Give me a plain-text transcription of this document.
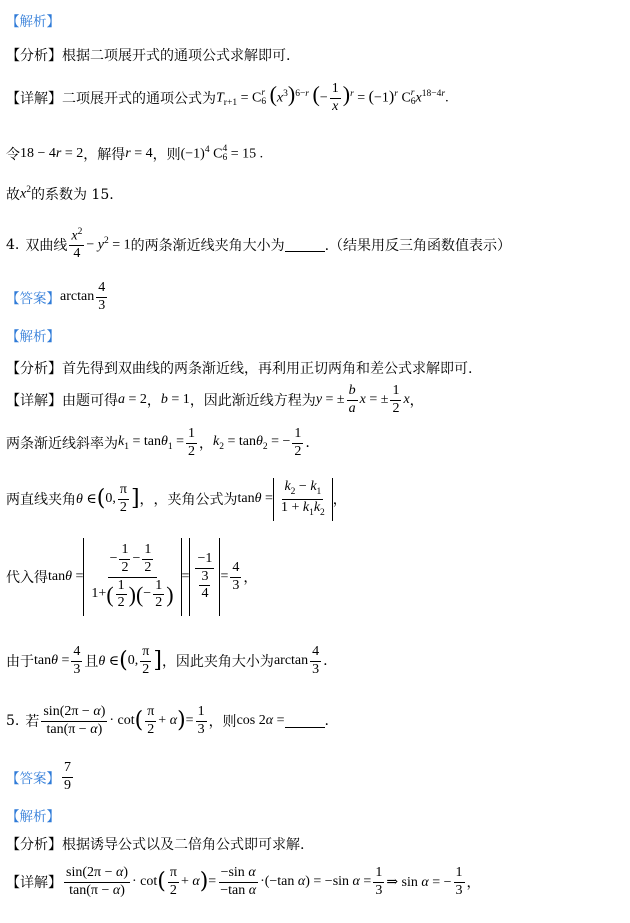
【解析】
【分析】 根据二项展开式的通项公式求解即可.
【详解】 二项展开式的通项公式为 $T_{r+1} = C$ r
6 $(x^3)^{6-r}$ (− $\frac{1}{x} )^r = (-1)^r$ C r
6 $x^{18-4r}$.
令 18 − 4r = 2 ，解得 r = 4 ，则 $(-1)^4$ C 4
6 = 15 .
故 $x^2$ 的系数为 15.
4. 双曲线 $\frac{x^2}{4} - y^2 = 1$ 的两条渐近线夹角大小为	.（结果用反三角函数值表示）
【答案】 $\arctan \frac{4}{3}$
【解析】
【分析】 首先得到双曲线的两条渐近线，再利用正切两角和差公式求解即可.
【详解】 由题可得 a = 2 ， b = 1 ，因此渐近线方程为 y = ± $\frac{b}{a}$ x = ± $\frac{1}{2}$ x ，
两条渐近线斜率为 $k_1 = \tan\theta_1 = \frac{1}{2}$ ， $k_2 = \tan\theta_2$ = − $\frac{1}{2}$ .
两直线夹角 θ ∈ ( 0, $\frac{\pi}{2}$ ] ， ，夹角公式为 $\tan\theta = \frac{k_2 - k_1}{1 + k_1k_2}$ ，
代入得 $\tan\theta = \frac{- \frac{1}{2} - \frac{1}{2}}{1+ ( \frac{1}{2} )( - \frac{1}{2} )} = \frac{-1}{\frac{3}{4}} = \frac{4}{3}$ ，
由于 $\tan\theta = \frac{4}{3}$ 且 θ ∈ ( 0, $\frac{\pi}{2}$ ] ，因此夹角大小为 $\arctan \frac{4}{3}$ .
5. 若 $\frac{\sin(2\pi - \alpha)}{\tan(\pi - \alpha)} \cdot \cot$ ( $\frac{\pi}{2} + \alpha$ ) = $\frac{1}{3}$ ，则 cos 2α =	.
【答案】 $\frac{7}{9}$
【解析】
【分析】 根据诱导公式以及二倍角公式即可求解.
【详解】 $\frac{\sin(2\pi - \alpha)}{\tan(\pi - \alpha)} \cdot \cot$ ( $\frac{\pi}{2} + \alpha$ ) = $\frac{\text{−sin α}}{\text{−tan α}} \cdot(-\tan$ α) = −sin $\alpha = \frac{1}{3}$ ⇒ sin α = − $\frac{1}{3}$ ，
